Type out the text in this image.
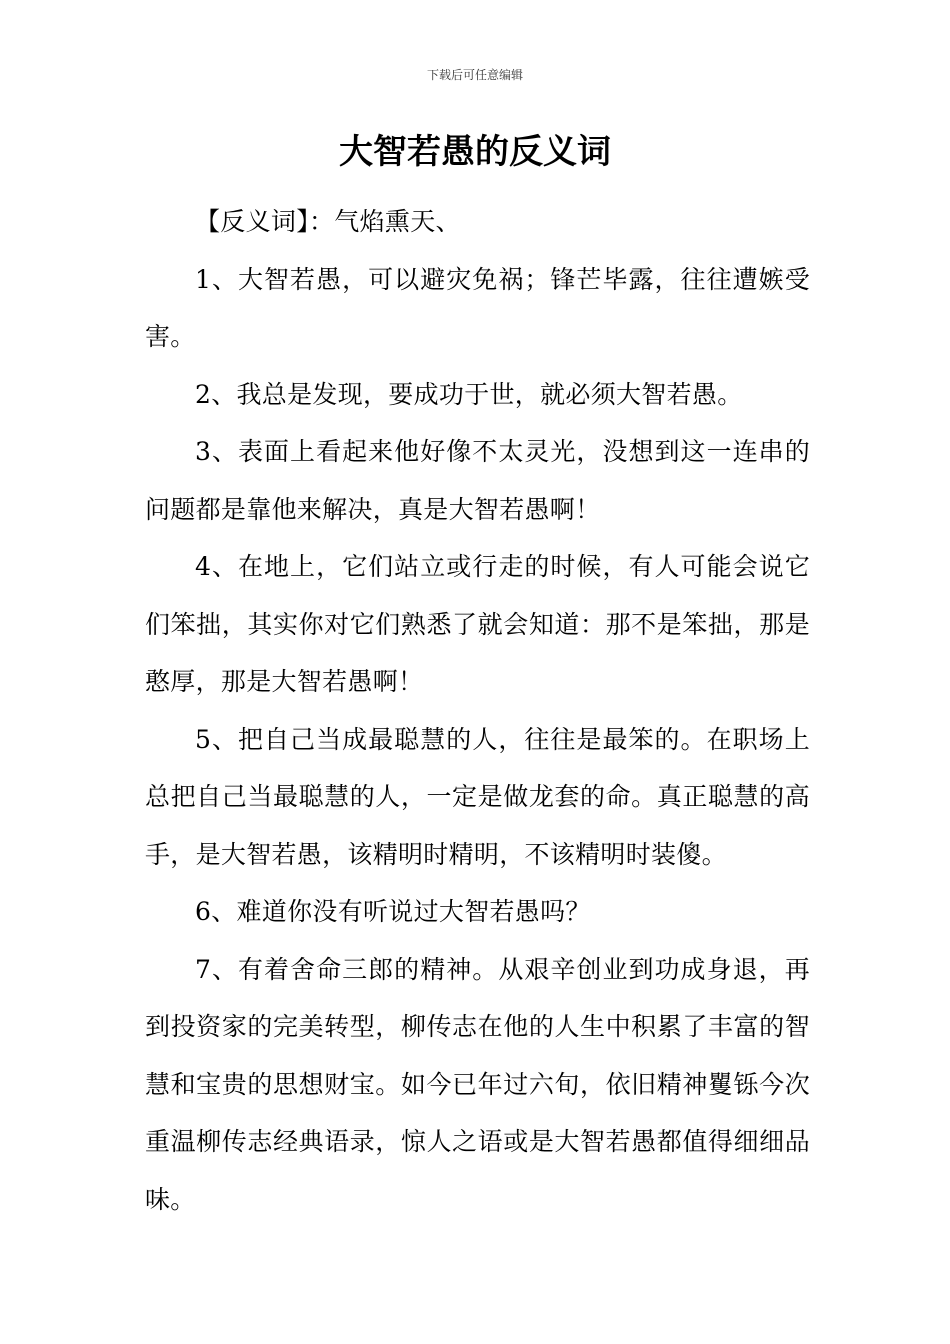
下载后可任意编辑
大智若愚的反义词

【反义词】：气焰熏天、

1、大智若愚，可以避灾免祸；锋芒毕露，往往遭嫉受害。

2、我总是发现，要成功于世，就必须大智若愚。

3、表面上看起来他好像不太灵光，没想到这一连串的问题都是靠他来解决，真是大智若愚啊！

4、在地上，它们站立或行走的时候，有人可能会说它们笨拙，其实你对它们熟悉了就会知道：那不是笨拙，那是憨厚，那是大智若愚啊！

5、把自己当成最聪慧的人，往往是最笨的。在职场上总把自己当最聪慧的人，一定是做龙套的命。真正聪慧的高手，是大智若愚，该精明时精明，不该精明时装傻。

6、难道你没有听说过大智若愚吗？

7、有着舍命三郎的精神。从艰辛创业到功成身退，再到投资家的完美转型，柳传志在他的人生中积累了丰富的智慧和宝贵的思想财宝。如今已年过六旬，依旧精神矍铄今次重温柳传志经典语录，惊人之语或是大智若愚都值得细细品味。
